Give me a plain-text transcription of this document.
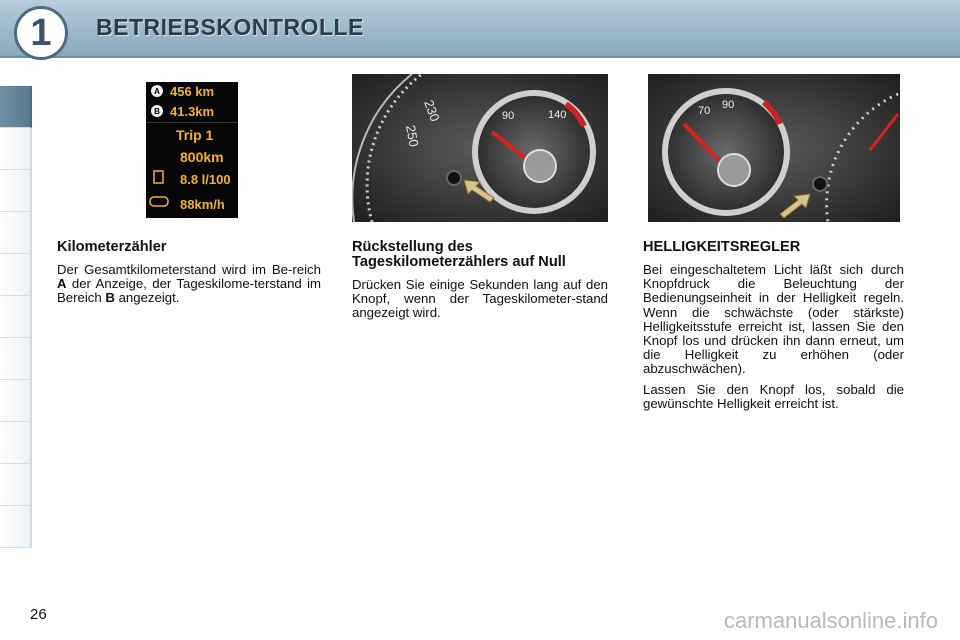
1 BETRIEBSKONTROLLE
A 456 km
B 41.3km
Trip 1
800km
8.8 l/100
88km/h
230
250
90	140	70 90
Kilometerzähler

Der Gesamtkilometerstand wird im Be-reich A der Anzeige, der Tageskilome-terstand im Bereich B angezeigt.

Rückstellung des Tageskilometerzählers auf Null

Drücken Sie einige Sekunden lang auf den Knopf, wenn der Tageskilometer-stand angezeigt wird.

HELLIGKEITSREGLER

Bei eingeschaltetem Licht läßt sich durch Knopfdruck die Beleuchtung der Bedienungseinheit in der Helligkeit regeln. Wenn die schwächste (oder stärkste) Helligkeitsstufe erreicht ist, lassen Sie den Knopf los und drücken ihn dann erneut, um die Helligkeit zu erhöhen (oder abzuschwächen).

Lassen Sie den Knopf los, sobald die gewünschte Helligkeit erreicht ist.

26	carmanualsonline.info
